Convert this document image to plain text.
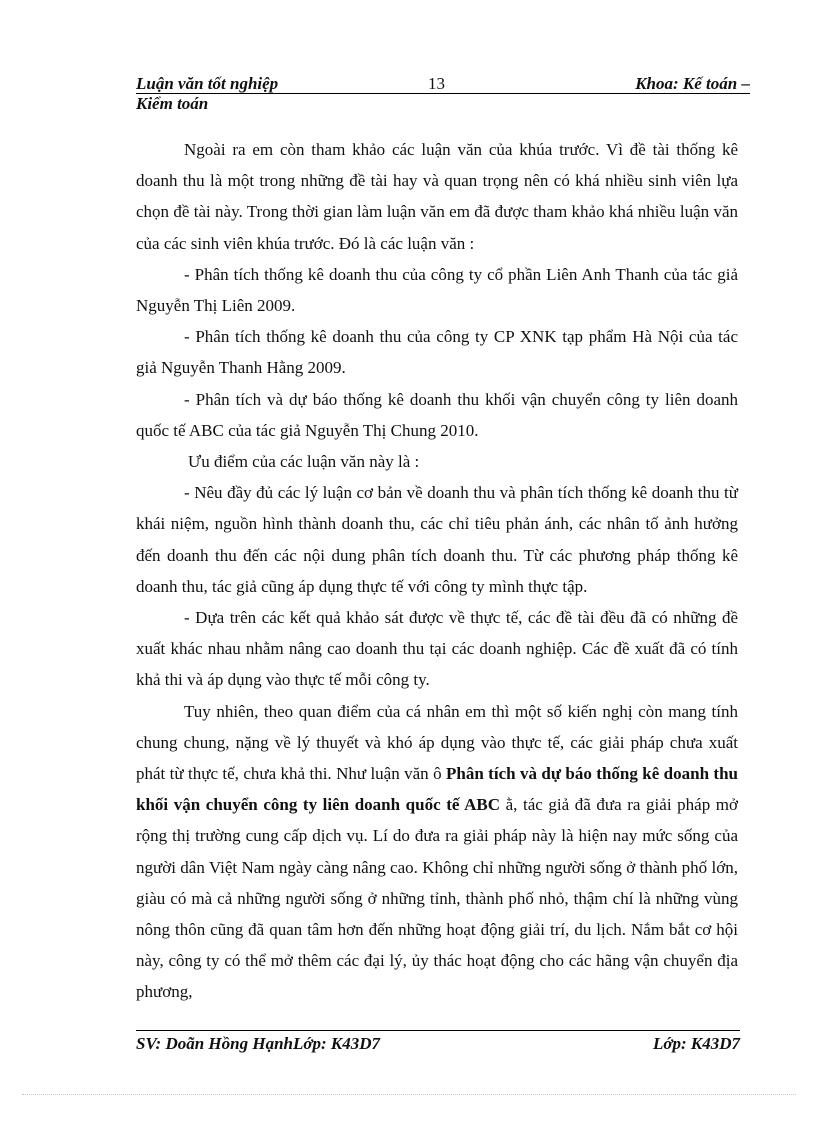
Luận văn tốt nghiệp	13	Khoa: Kế toán –
Kiểm toán

Ngoài ra em còn tham khảo các luận văn của khúa trước. Vì đề tài thống kê doanh thu là một trong những đề tài hay và quan trọng nên có khá nhiều sinh viên lựa chọn đề tài này. Trong thời gian làm luận văn em đã được tham khảo khá nhiều luận văn của các sinh viên khúa trước. Đó là các luận văn :

- Phân tích thống kê doanh thu của công ty cổ phần Liên Anh Thanh của tác giả Nguyễn Thị Liên 2009.

- Phân tích thống kê doanh thu của công ty CP XNK tạp phẩm Hà Nội của tác giả Nguyễn Thanh Hằng 2009.

- Phân tích và dự báo thống kê doanh thu khối vận chuyển công ty liên doanh quốc tế ABC của tác giả Nguyễn Thị Chung 2010.

Ưu điểm của các luận văn này là :

- Nêu đầy đủ các lý luận cơ bản về doanh thu và phân tích thống kê doanh thu từ khái niệm, nguồn hình thành doanh thu, các chỉ tiêu phản ánh, các nhân tố ảnh hưởng đến doanh thu đến các nội dung phân tích doanh thu. Từ các phương pháp thống kê doanh thu, tác giả cũng áp dụng thực tế với công ty mình thực tập.

- Dựa trên các kết quả khảo sát được về thực tế, các đề tài đều đã có những đề xuất khác nhau nhằm nâng cao doanh thu tại các doanh nghiệp. Các đề xuất đã có tính khả thi và áp dụng vào thực tế mỗi công ty.

Tuy nhiên, theo quan điểm của cá nhân em thì một số kiến nghị còn mang tính chung chung, nặng về lý thuyết và khó áp dụng vào thực tế, các giải pháp chưa xuất phát từ thực tế, chưa khả thi. Như luận văn ô Phân tích và dự báo thống kê doanh thu khối vận chuyển công ty liên doanh quốc tế ABC ằ, tác giả đã đưa ra giải pháp mở rộng thị trường cung cấp dịch vụ. Lí do đưa ra giải pháp này là hiện nay mức sống của người dân Việt Nam ngày càng nâng cao. Không chỉ những người sống ở thành phố lớn, giàu có mà cả những người sống ở những tỉnh, thành phố nhỏ, thậm chí là những vùng nông thôn cũng đã quan tâm hơn đến những hoạt động giải trí, du lịch. Nắm bắt cơ hội này, công ty có thể mở thêm các đại lý, ủy thác hoạt động cho các hãng vận chuyển địa phương,

SV: Doãn Hồng HạnhLớp: K43D7	Lớp: K43D7
